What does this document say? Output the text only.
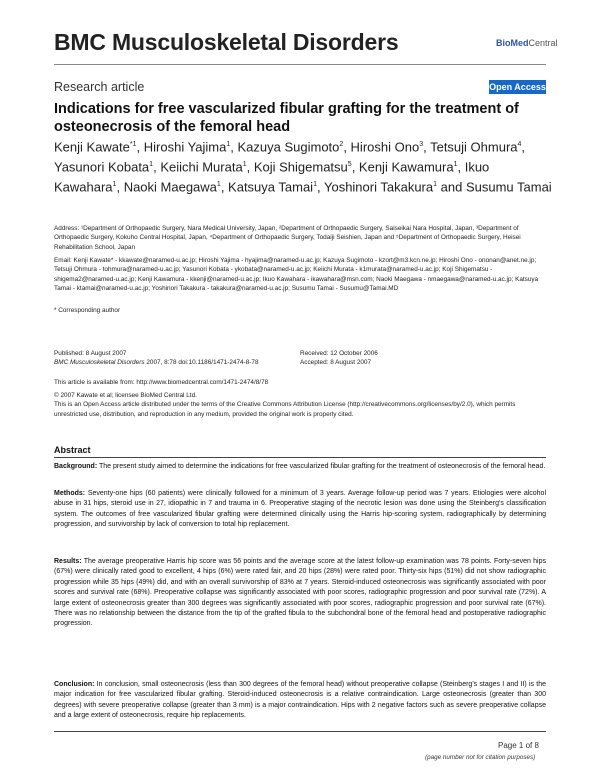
BMC Musculoskeletal Disorders	BioMedCentral
Research article	Open Access
Indications for free vascularized fibular grafting for the treatment of osteonecrosis of the femoral head
Kenji Kawate$^{*1}$, Hiroshi Yajima$^1$, Kazuya Sugimoto$^2$, Hiroshi Ono$^3$, Tetsuji Ohmura$^4$, Yasunori Kobata$^1$, Keiichi Murata$^1$, Koji Shigematsu$^5$, Kenji Kawamura$^1$, Ikuo Kawahara$^1$, Naoki Maegawa$^1$, Katsuya Tamai$^1$, Yoshinori Takakura$^1$ and Susumu Tamai
Address: ¹Department of Orthopaedic Surgery, Nara Medical University, Japan, ²Department of Orthopaedic Surgery, Saiseikai Nara Hospital, Japan, ³Department of Orthopaedic Surgery, Kokuho Central Hospital, Japan, ⁴Department of Orthopaedic Surgery, Todaiji Seishien, Japan and ⁵Department of Orthopaedic Surgery, Heisei Rehabilitation School, Japan
Email: Kenji Kawate* - kkawate@naramed-u.ac.jp; Hiroshi Yajima - hyajima@naramed-u.ac.jp; Kazuya Sugimoto - kzort@m3.kcn.ne.jp; Hiroshi Ono - ononan@anet.ne.jp; Tetsuji Ohmura - tohmura@naramed-u.ac.jp; Yasunori Kobata - ykobata@naramed-u.ac.jp; Keiichi Murata - k1murata@naramed-u.ac.jp; Koji Shigematsu - shigema2@naramed-u.ac.jp; Kenji Kawamura - kkenji@naramed-u.ac.jp; Ikuo Kawahara - ikawahara@msn.com; Naoki Maegawa - nmaegawa@naramed-u.ac.jp; Katsuya Tamai - ktamai@naramed-u.ac.jp; Yoshinori Takakura - takakura@naramed-u.ac.jp; Susumu Tamai - Susumu@Tamai.MD
* Corresponding author
Published: 8 August 2007
BMC Musculoskeletal Disorders 2007, 8:78 doi:10.1186/1471-2474-8-78
Received: 12 October 2006
Accepted: 8 August 2007
This article is available from: http://www.biomedcentral.com/1471-2474/8/78
© 2007 Kawate et al; licensee BioMed Central Ltd.
This is an Open Access article distributed under the terms of the Creative Commons Attribution License (http://creativecommons.org/licenses/by/2.0), which permits unrestricted use, distribution, and reproduction in any medium, provided the original work is properly cited.
Abstract
Background: The present study aimed to determine the indications for free vascularized fibular grafting for the treatment of osteonecrosis of the femoral head.
Methods: Seventy-one hips (60 patients) were clinically followed for a minimum of 3 years. Average follow-up period was 7 years. Etiologies were alcohol abuse in 31 hips, steroid use in 27, idiopathic in 7 and trauma in 6. Preoperative staging of the necrotic lesion was done using the Steinberg's classification system. The outcomes of free vascularized fibular grafting were determined clinically using the Harris hip-scoring system, radiographically by determining progression, and survivorship by lack of conversion to total hip replacement.
Results: The average preoperative Harris hip score was 56 points and the average score at the latest follow-up examination was 78 points. Forty-seven hips (67%) were clinically rated good to excellent, 4 hips (6%) were rated fair, and 20 hips (28%) were rated poor. Thirty-six hips (51%) did not show radiographic progression while 35 hips (49%) did, and with an overall survivorship of 83% at 7 years. Steroid-induced osteonecrosis was significantly associated with poor scores and survival rate (68%). Preoperative collapse was significantly associated with poor scores, radiographic progression and poor survival rate (72%). A large extent of osteonecrosis greater than 300 degrees was significantly associated with poor scores, radiographic progression and poor survival rate (67%). There was no relationship between the distance from the tip of the grafted fibula to the subchondral bone of the femoral head and postoperative radiographic progression.
Conclusion: In conclusion, small osteonecrosis (less than 300 degrees of the femoral head) without preoperative collapse (Steinberg's stages I and II) is the major indication for free vascularized fibular grafting. Steroid-induced osteonecrosis is a relative contraindication. Large osteonecrosis (greater than 300 degrees) with severe preoperative collapse (greater than 3 mm) is a major contraindication. Hips with 2 negative factors such as severe preoperative collapse and a large extent of osteonecrosis, require hip replacements.
Page 1 of 8
(page number not for citation purposes)
